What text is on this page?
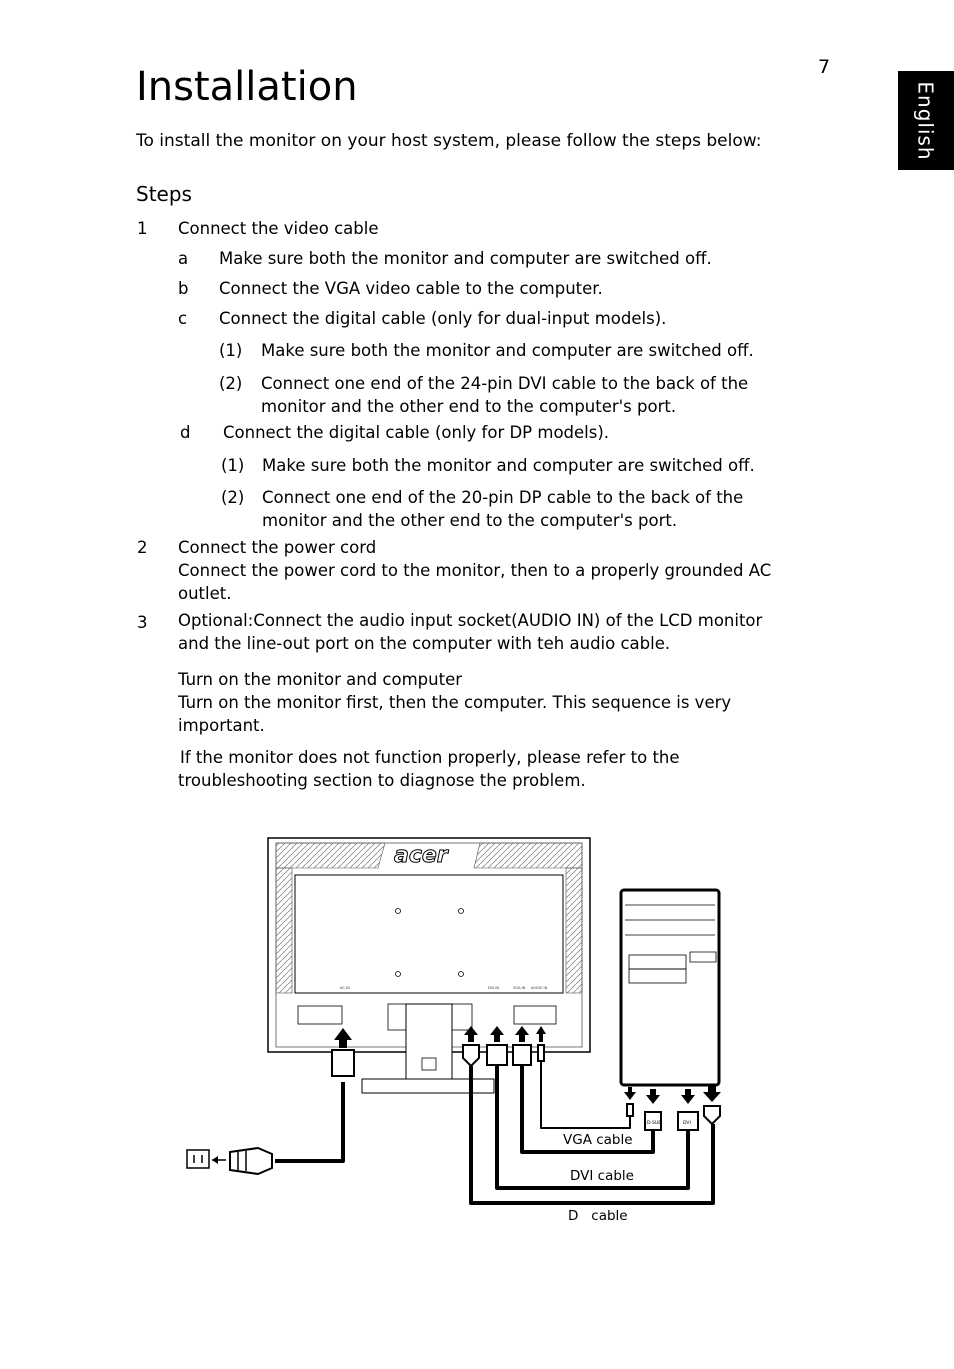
7
English
Installation
To install the monitor on your host system, please follow the steps below:
Steps
1 Connect the video cable
a Make sure both the monitor and computer are switched off.
b Connect the VGA video cable to the computer.
c Connect the digital cable (only for dual-input models).
(1) Make sure both the monitor and computer are switched off.
(2) Connect one end of the 24-pin DVI cable to the back of the
monitor and the other end to the computer's port.
d Connect the digital cable (only for DP models).
(1) Make sure both the monitor and computer are switched off.
(2) Connect one end of the 20-pin DP cable to the back of the
monitor and the other end to the computer's port.
2 Connect the power cord
Connect the power cord to the monitor, then to a properly grounded AC
outlet.
3 Optional:Connect the audio input socket(AUDIO IN) of the LCD monitor
and the line-out port on the computer with teh audio cable.
Turn on the monitor and computer
Turn on the monitor first, then the computer. This sequence is very
important.
If the monitor does not function properly, please refer to the
troubleshooting section to diagnose the problem.
AC-IN	DVI-IN	VGA-IN AUDIO IN
acer
D-SUB	DVI
VGA cable
DVI cable
D   cable
